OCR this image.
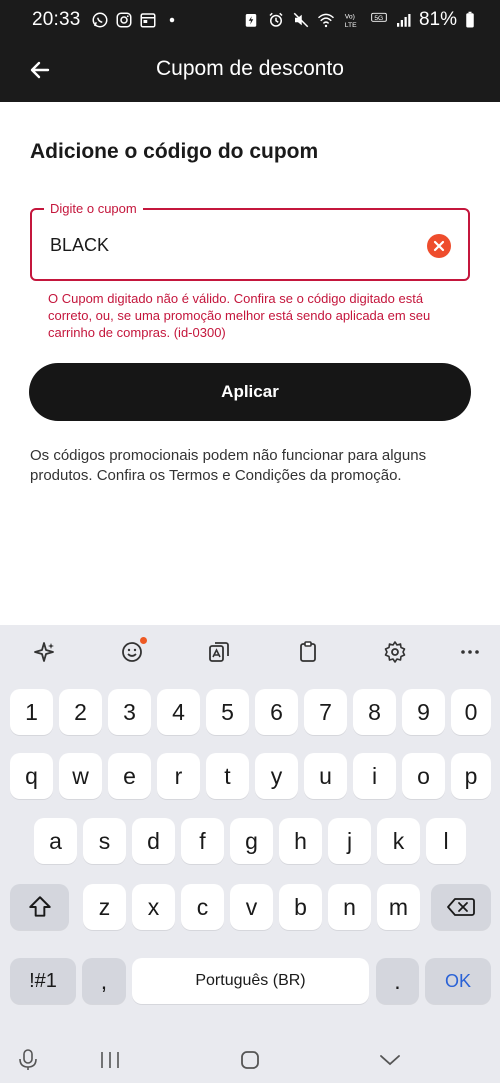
20:33	Vo)
LTE
5G 81%
Cupom de desconto
Adicione o código do cupom
Digite o cupom
BLACK
O Cupom digitado não é válido. Confira se o código digitado está correto, ou, se uma promoção melhor está sendo aplicada em seu carrinho de compras. (id-0300)
Aplicar
Os códigos promocionais podem não funcionar para alguns produtos. Confira os Termos e Condições da promoção.
1	2	3	4	5	6	7	8	9	0
q	w	e	r	t	y	u	i	o	p
a	s	d	f	g	h	j	k	l
z	x	c	v	b	n	m
!#1	,	Português (BR)	.	OK
